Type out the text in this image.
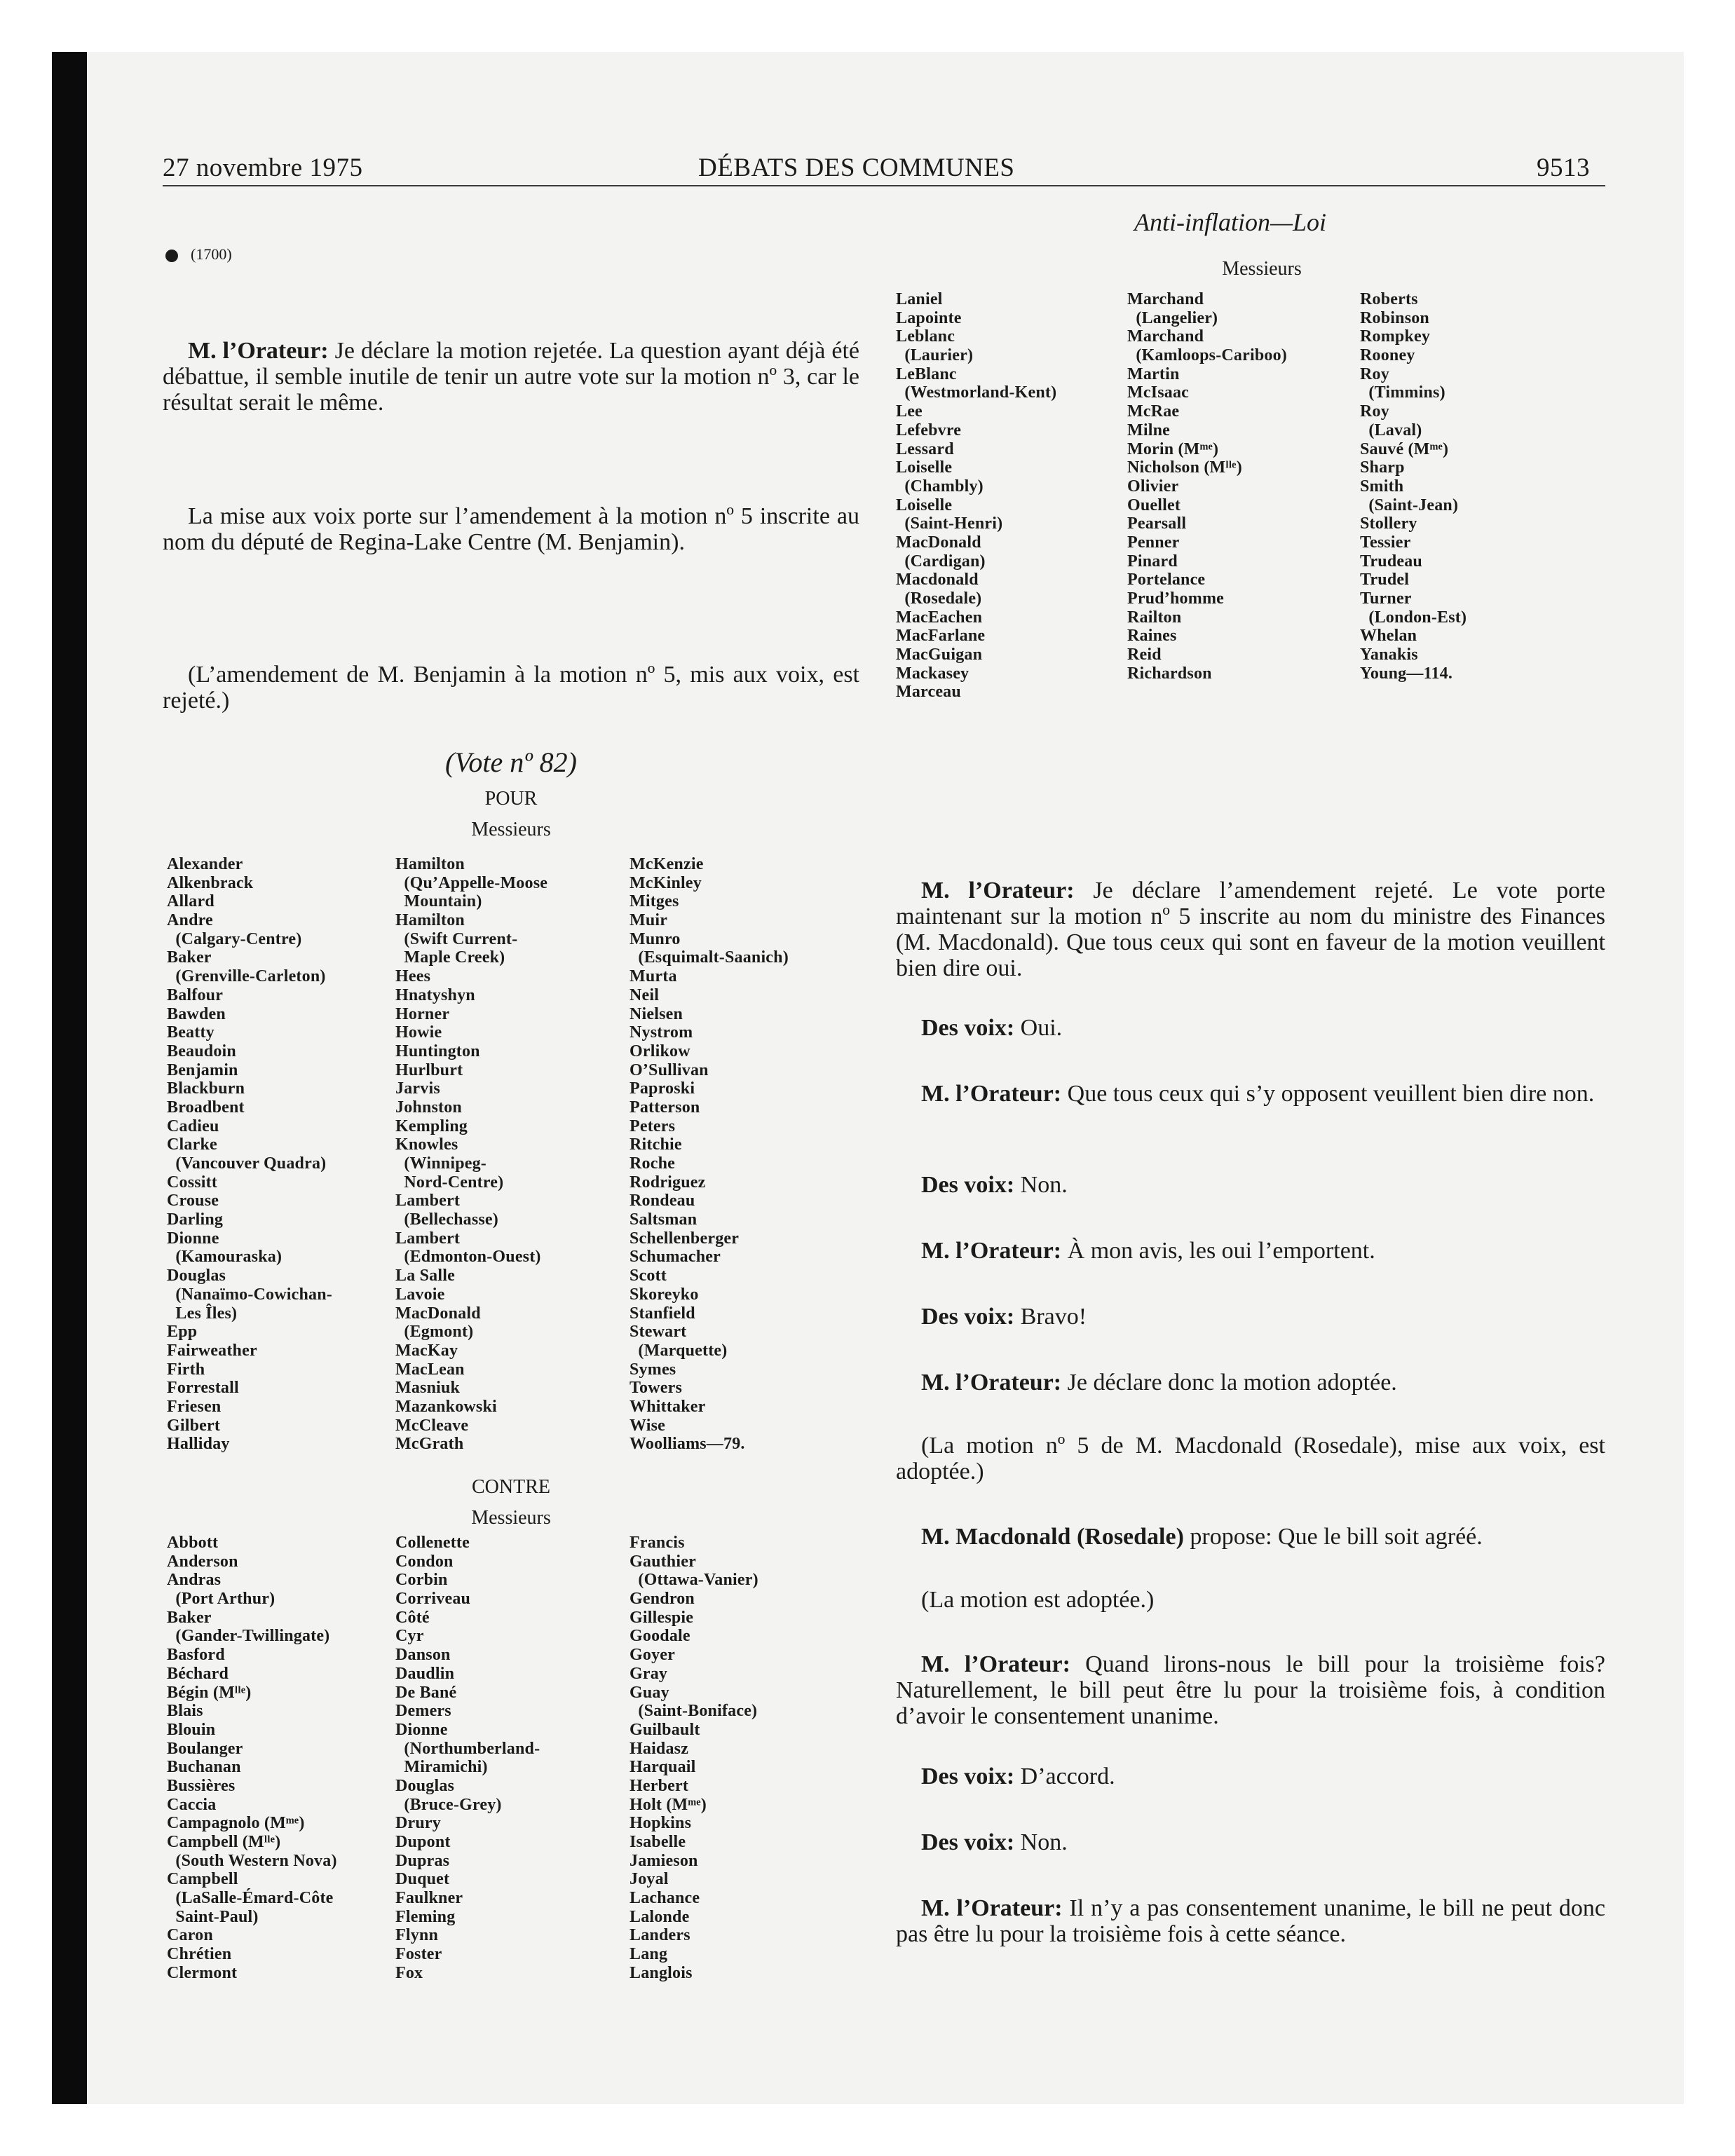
27 novembre 1975	DÉBATS DES COMMUNES	9513
Anti-inflation—Loi
(1700)
M. l’Orateur: Je déclare la motion rejetée. La question ayant déjà été débattue, il semble inutile de tenir un autre vote sur la motion nº 3, car le résultat serait le même.
La mise aux voix porte sur l’amendement à la motion nº 5 inscrite au nom du député de Regina-Lake Centre (M. Benjamin).
(L’amendement de M. Benjamin à la motion nº 5, mis aux voix, est rejeté.)
(Vote nº 82)
POUR
Messieurs
Alexander
Alkenbrack
Allard
Andre
(Calgary-Centre)
Baker
(Grenville-Carleton)
Balfour
Bawden
Beatty
Beaudoin
Benjamin
Blackburn
Broadbent
Cadieu
Clarke
(Vancouver Quadra)
Cossitt
Crouse
Darling
Dionne
(Kamouraska)
Douglas
(Nanaïmo-Cowichan-
Les Îles)
Epp
Fairweather
Firth
Forrestall
Friesen
Gilbert
Halliday
Hamilton
(Qu’Appelle-Moose
Mountain)
Hamilton
(Swift Current-
Maple Creek)
Hees
Hnatyshyn
Horner
Howie
Huntington
Hurlburt
Jarvis
Johnston
Kempling
Knowles
(Winnipeg-
Nord-Centre)
Lambert
(Bellechasse)
Lambert
(Edmonton-Ouest)
La Salle
Lavoie
MacDonald
(Egmont)
MacKay
MacLean
Masniuk
Mazankowski
McCleave
McGrath
McKenzie
McKinley
Mitges
Muir
Munro
(Esquimalt-Saanich)
Murta
Neil
Nielsen
Nystrom
Orlikow
O’Sullivan
Paproski
Patterson
Peters
Ritchie
Roche
Rodriguez
Rondeau
Saltsman
Schellenberger
Schumacher
Scott
Skoreyko
Stanfield
Stewart
(Marquette)
Symes
Towers
Whittaker
Wise
Woolliams—79.
CONTRE
Messieurs
Abbott
Anderson
Andras
(Port Arthur)
Baker
(Gander-Twillingate)
Basford
Béchard
Bégin (Mˡˡᵉ)
Blais
Blouin
Boulanger
Buchanan
Bussières
Caccia
Campagnolo (Mᵐᵉ)
Campbell (Mˡˡᵉ)
(South Western Nova)
Campbell
(LaSalle-Émard-Côte
Saint-Paul)
Caron
Chrétien
Clermont
Collenette
Condon
Corbin
Corriveau
Côté
Cyr
Danson
Daudlin
De Bané
Demers
Dionne
(Northumberland-
Miramichi)
Douglas
(Bruce-Grey)
Drury
Dupont
Dupras
Duquet
Faulkner
Fleming
Flynn
Foster
Fox
Francis
Gauthier
(Ottawa-Vanier)
Gendron
Gillespie
Goodale
Goyer
Gray
Guay
(Saint-Boniface)
Guilbault
Haidasz
Harquail
Herbert
Holt (Mᵐᵉ)
Hopkins
Isabelle
Jamieson
Joyal
Lachance
Lalonde
Landers
Lang
Langlois
Messieurs
Laniel
Lapointe
Leblanc
(Laurier)
LeBlanc
(Westmorland-Kent)
Lee
Lefebvre
Lessard
Loiselle
(Chambly)
Loiselle
(Saint-Henri)
MacDonald
(Cardigan)
Macdonald
(Rosedale)
MacEachen
MacFarlane
MacGuigan
Mackasey
Marceau
Marchand
(Langelier)
Marchand
(Kamloops-Cariboo)
Martin
McIsaac
McRae
Milne
Morin (Mᵐᵉ)
Nicholson (Mˡˡᵉ)
Olivier
Ouellet
Pearsall
Penner
Pinard
Portelance
Prud’homme
Railton
Raines
Reid
Richardson
Roberts
Robinson
Rompkey
Rooney
Roy
(Timmins)
Roy
(Laval)
Sauvé (Mᵐᵉ)
Sharp
Smith
(Saint-Jean)
Stollery
Tessier
Trudeau
Trudel
Turner
(London-Est)
Whelan
Yanakis
Young—114.
M. l’Orateur: Je déclare l’amendement rejeté. Le vote porte maintenant sur la motion nº 5 inscrite au nom du ministre des Finances (M. Macdonald). Que tous ceux qui sont en faveur de la motion veuillent bien dire oui.
Des voix: Oui.
M. l’Orateur: Que tous ceux qui s’y opposent veuillent bien dire non.
Des voix: Non.
M. l’Orateur: À mon avis, les oui l’emportent.
Des voix: Bravo!
M. l’Orateur: Je déclare donc la motion adoptée.
(La motion nº 5 de M. Macdonald (Rosedale), mise aux voix, est adoptée.)
M. Macdonald (Rosedale) propose: Que le bill soit agréé.
(La motion est adoptée.)
M. l’Orateur: Quand lirons-nous le bill pour la troisième fois? Naturellement, le bill peut être lu pour la troisième fois, à condition d’avoir le consentement unanime.
Des voix: D’accord.
Des voix: Non.
M. l’Orateur: Il n’y a pas consentement unanime, le bill ne peut donc pas être lu pour la troisième fois à cette séance.
